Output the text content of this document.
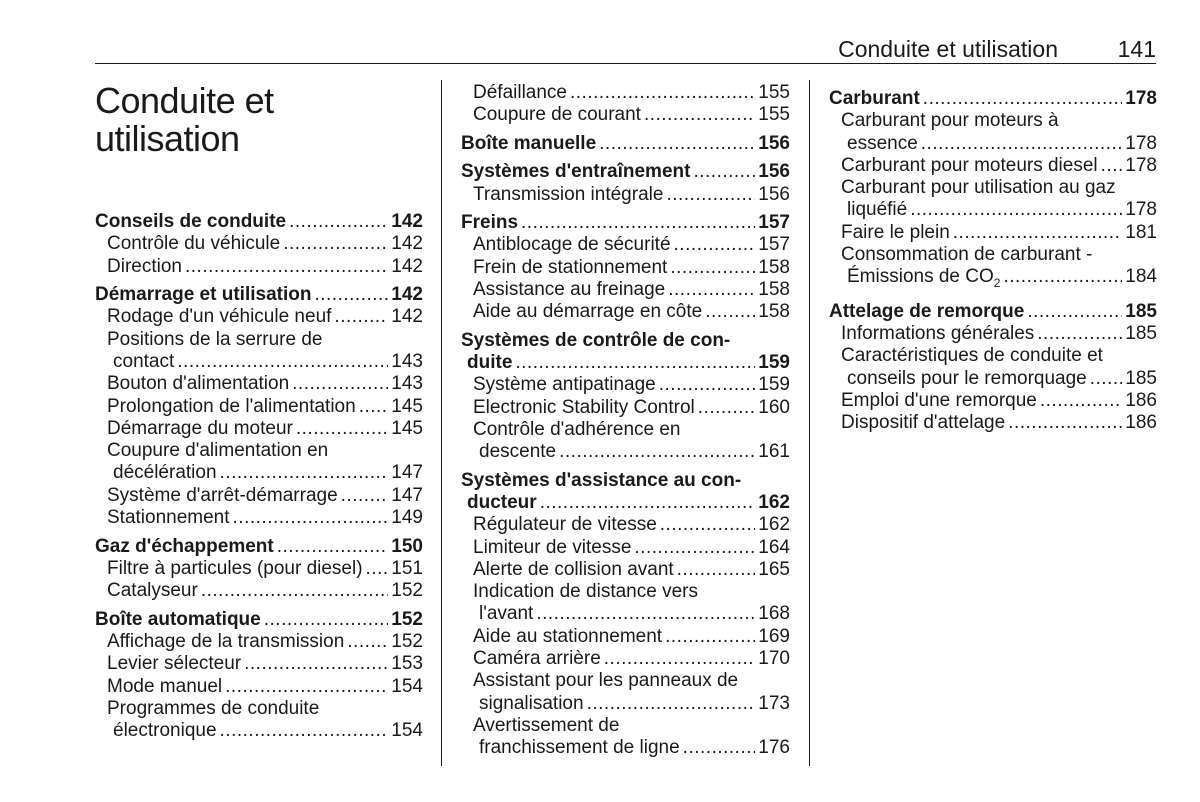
Conduite et utilisation	141
Conduite et
utilisation
Conseils de conduite .....	142
Contrôle du véhicule .....	142
Direction .....	142
Démarrage et utilisation .....	142
Rodage d'un véhicule neuf .....	142
Positions de la serrure de
contact .....	143
Bouton d'alimentation .....	143
Prolongation de l'alimentation ..... 145
Démarrage du moteur .....	145
Coupure d'alimentation en
décélération .....	147
Système d'arrêt-démarrage .....	147
Stationnement .....	149
Gaz d'échappement .....	150
Filtre à particules (pour diesel) ..... 151
Catalyseur .....	152
Boîte automatique .....	152
Affichage de la transmission ..... 152
Levier sélecteur .....	153
Mode manuel .....	154
Programmes de conduite
électronique .....	154
Défaillance .....	155
Coupure de courant .....	155
Boîte manuelle .....	156
Systèmes d'entraînement .....	156
Transmission intégrale .....	156
Freins .....	157
Antiblocage de sécurité .....	157
Frein de stationnement .....	158
Assistance au freinage .....	158
Aide au démarrage en côte .....	158
Systèmes de contrôle de con-
duite .....	159
Système antipatinage .....	159
Electronic Stability Control .....	160
Contrôle d'adhérence en
descente .....	161
Systèmes d'assistance au con-
ducteur .....	162
Régulateur de vitesse .....	162
Limiteur de vitesse .....	164
Alerte de collision avant .....	165
Indication de distance vers
l'avant .....	168
Aide au stationnement .....	169
Caméra arrière .....	170
Assistant pour les panneaux de
signalisation .....	173
Avertissement de
franchissement de ligne .....	176
Carburant .....	178
Carburant pour moteurs à
essence .....	178
Carburant pour moteurs diesel ..... 178
Carburant pour utilisation au gaz
liquéfié .....	178
Faire le plein .....	181
Consommation de carburant -
Émissions de $CO_2$ .....	184
Attelage de remorque .....	185
Informations générales .....	185
Caractéristiques de conduite et
conseils pour le remorquage ..... 185
Emploi d'une remorque .....	186
Dispositif d'attelage .....	186
